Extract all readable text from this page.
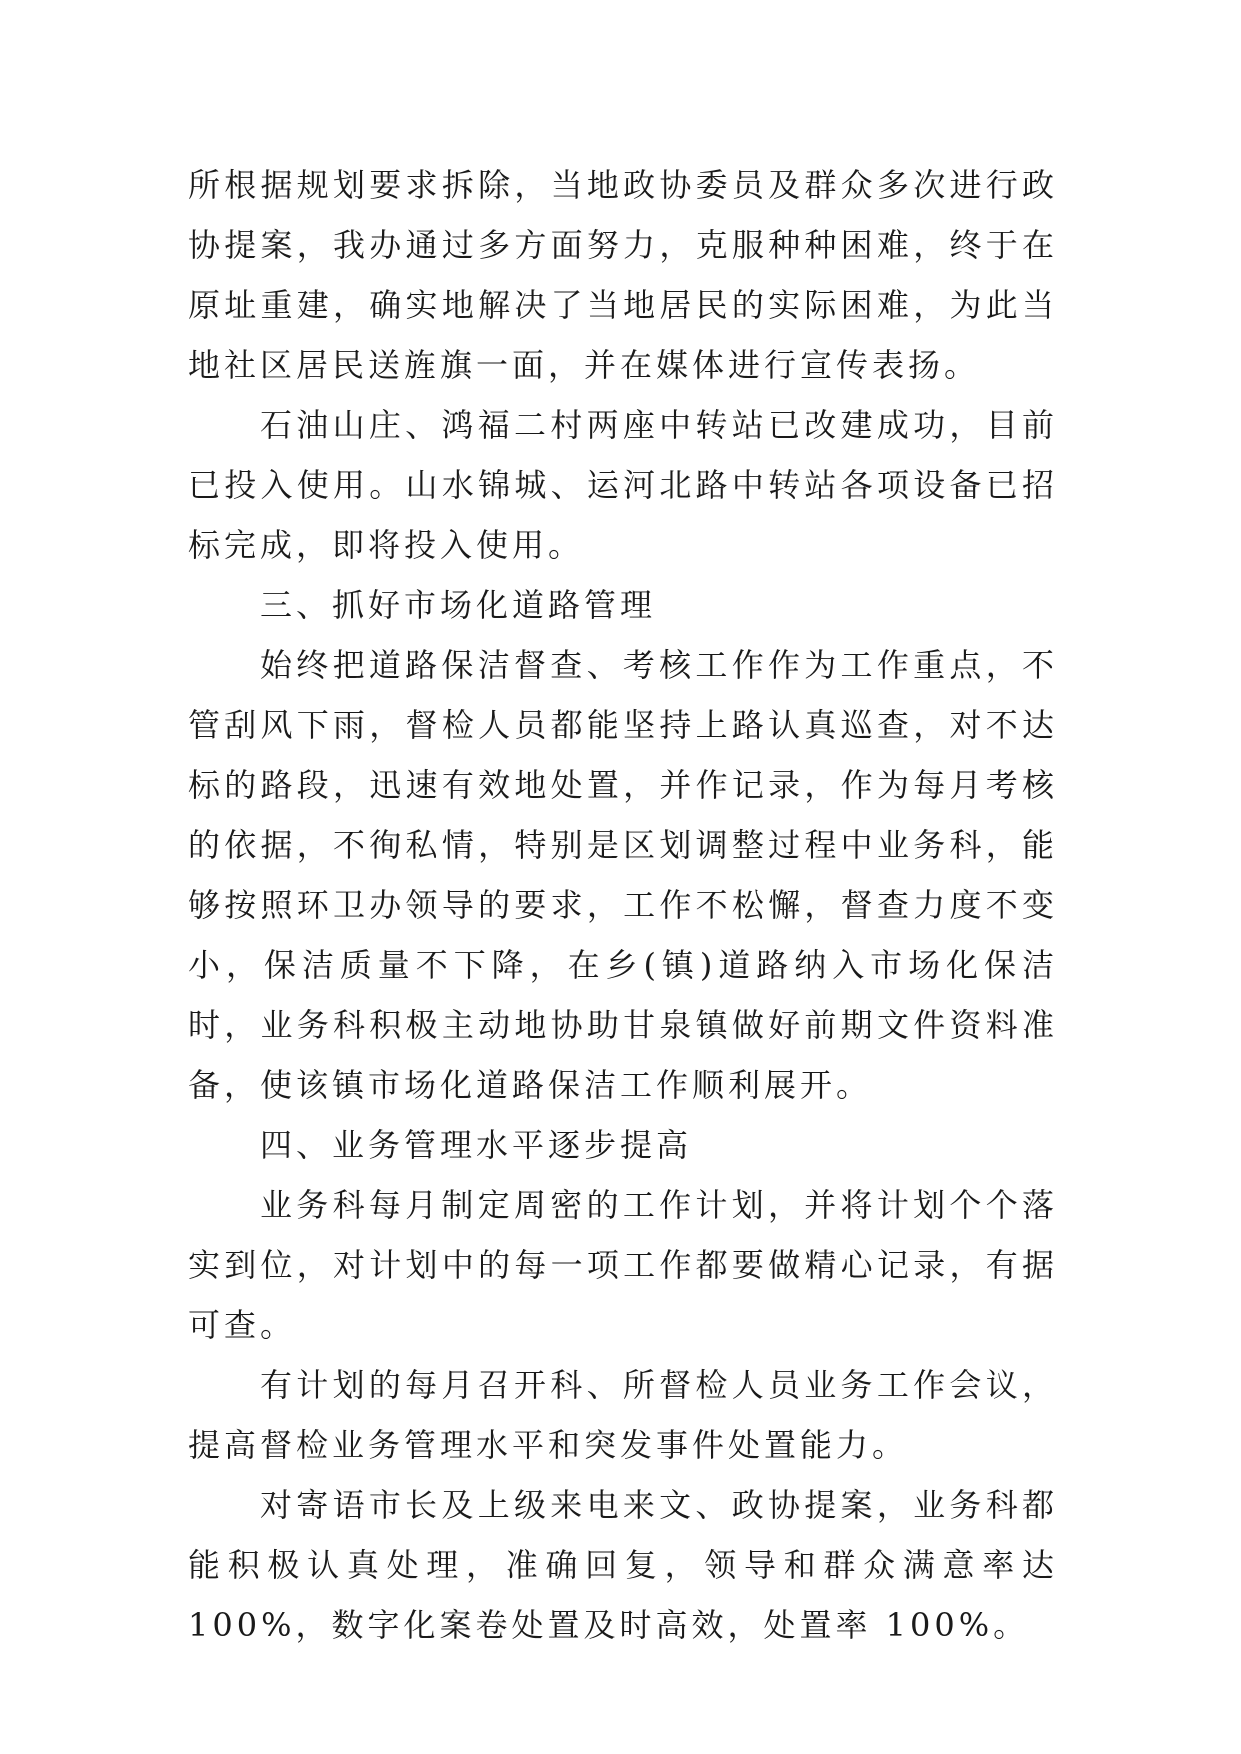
所根据规划要求拆除，当地政协委员及群众多次进行政协提案，我办通过多方面努力，克服种种困难，终于在原址重建，确实地解决了当地居民的实际困难，为此当地社区居民送旌旗一面，并在媒体进行宣传表扬。

石油山庄、鸿福二村两座中转站已改建成功，目前已投入使用。山水锦城、运河北路中转站各项设备已招标完成，即将投入使用。

三、抓好市场化道路管理

始终把道路保洁督查、考核工作作为工作重点，不管刮风下雨，督检人员都能坚持上路认真巡查，对不达标的路段，迅速有效地处置，并作记录，作为每月考核的依据，不徇私情，特别是区划调整过程中业务科，能够按照环卫办领导的要求，工作不松懈，督查力度不变小，保洁质量不下降，在乡(镇)道路纳入市场化保洁时，业务科积极主动地协助甘泉镇做好前期文件资料准备，使该镇市场化道路保洁工作顺利展开。

四、业务管理水平逐步提高

业务科每月制定周密的工作计划，并将计划个个落实到位，对计划中的每一项工作都要做精心记录，有据可查。

有计划的每月召开科、所督检人员业务工作会议，提高督检业务管理水平和突发事件处置能力。

对寄语市长及上级来电来文、政协提案，业务科都能积极认真处理，准确回复，领导和群众满意率达 100%，数字化案卷处置及时高效，处置率 100%。
